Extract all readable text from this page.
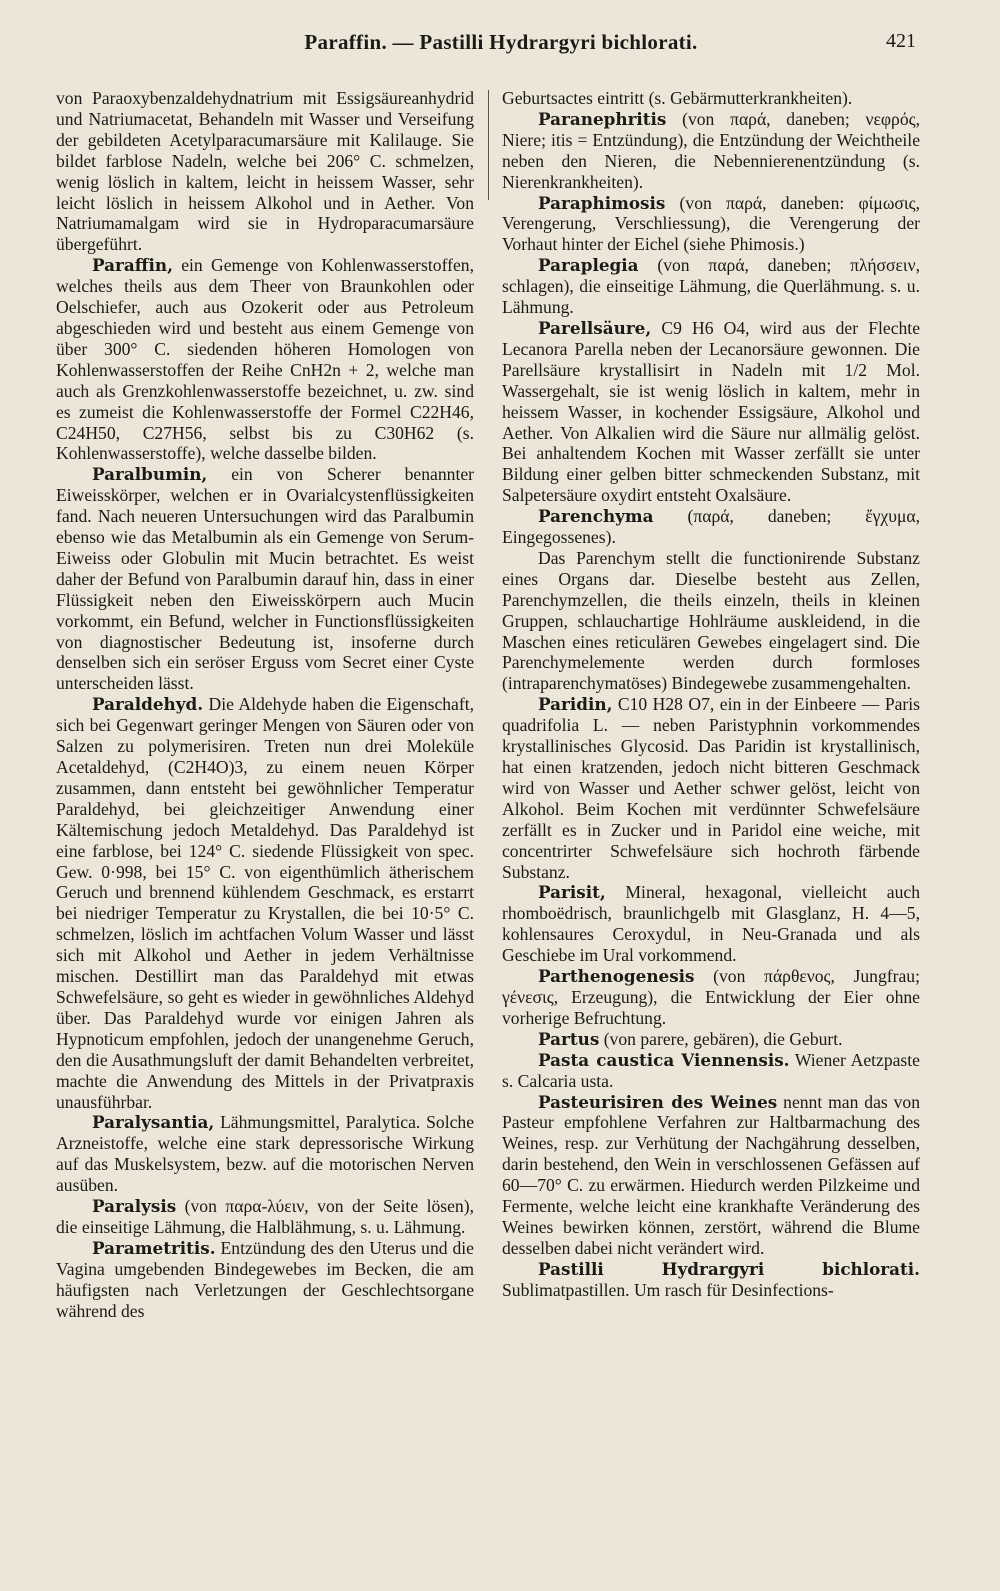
Paraffin. — Pastilli Hydrargyri bichlorati.	421

von Paraoxybenzaldehydnatrium mit Essigsäureanhydrid und Natriumacetat, Behandeln mit Wasser und Verseifung der gebildeten Acetylparacumarsäure mit Kalilauge. Sie bildet farblose Nadeln, welche bei 206° C. schmelzen, wenig löslich in kaltem, leicht in heissem Wasser, sehr leicht löslich in heissem Alkohol und in Aether. Von Natriumamalgam wird sie in Hydroparacumarsäure übergeführt.

Paraffin, ein Gemenge von Kohlenwasserstoffen, welches theils aus dem Theer von Braunkohlen oder Oelschiefer, auch aus Ozokerit oder aus Petroleum abgeschieden wird und besteht aus einem Gemenge von über 300° C. siedenden höheren Homologen von Kohlenwasserstoffen der Reihe CnH2n + 2, welche man auch als Grenzkohlenwasserstoffe bezeichnet, u. zw. sind es zumeist die Kohlenwasserstoffe der Formel C22H46, C24H50, C27H56, selbst bis zu C30H62 (s. Kohlenwasserstoffe), welche dasselbe bilden.

Paralbumin, ein von Scherer benannter Eiweisskörper, welchen er in Ovarialcystenflüssigkeiten fand. Nach neueren Untersuchungen wird das Paralbumin ebenso wie das Metalbumin als ein Gemenge von Serum-Eiweiss oder Globulin mit Mucin betrachtet. Es weist daher der Befund von Paralbumin darauf hin, dass in einer Flüssigkeit neben den Eiweisskörpern auch Mucin vorkommt, ein Befund, welcher in Functionsflüssigkeiten von diagnostischer Bedeutung ist, insoferne durch denselben sich ein seröser Erguss vom Secret einer Cyste unterscheiden lässt.

Paraldehyd. Die Aldehyde haben die Eigenschaft, sich bei Gegenwart geringer Mengen von Säuren oder von Salzen zu polymerisiren. Treten nun drei Moleküle Acetaldehyd, (C2H4O)3, zu einem neuen Körper zusammen, dann entsteht bei gewöhnlicher Temperatur Paraldehyd, bei gleichzeitiger Anwendung einer Kältemischung jedoch Metaldehyd. Das Paraldehyd ist eine farblose, bei 124° C. siedende Flüssigkeit von spec. Gew. 0·998, bei 15° C. von eigenthümlich ätherischem Geruch und brennend kühlendem Geschmack, es erstarrt bei niedriger Temperatur zu Krystallen, die bei 10·5° C. schmelzen, löslich im achtfachen Volum Wasser und lässt sich mit Alkohol und Aether in jedem Verhältnisse mischen. Destillirt man das Paraldehyd mit etwas Schwefelsäure, so geht es wieder in gewöhnliches Aldehyd über. Das Paraldehyd wurde vor einigen Jahren als Hypnoticum empfohlen, jedoch der unangenehme Geruch, den die Ausathmungsluft der damit Behandelten verbreitet, machte die Anwendung des Mittels in der Privatpraxis unausführbar.

Paralysantia, Lähmungsmittel, Paralytica. Solche Arzneistoffe, welche eine stark depressorische Wirkung auf das Muskelsystem, bezw. auf die motorischen Nerven ausüben.

Paralysis (von παρα-λύειν, von der Seite lösen), die einseitige Lähmung, die Halblähmung, s. u. Lähmung.

Parametritis. Entzündung des den Uterus und die Vagina umgebenden Bindegewebes im Becken, die am häufigsten nach Verletzungen der Geschlechtsorgane während des

Geburtsactes eintritt (s. Gebärmutterkrankheiten).

Paranephritis (von παρά, daneben; νεφρός, Niere; itis = Entzündung), die Entzündung der Weichtheile neben den Nieren, die Nebennierenentzündung (s. Nierenkrankheiten).

Paraphimosis (von παρά, daneben: φίμωσις, Verengerung, Verschliessung), die Verengerung der Vorhaut hinter der Eichel (siehe Phimosis.)

Paraplegia (von παρά, daneben; πλήσσειν, schlagen), die einseitige Lähmung, die Querlähmung. s. u. Lähmung.

Parellsäure, C9 H6 O4, wird aus der Flechte Lecanora Parella neben der Lecanorsäure gewonnen. Die Parellsäure krystallisirt in Nadeln mit 1/2 Mol. Wassergehalt, sie ist wenig löslich in kaltem, mehr in heissem Wasser, in kochender Essigsäure, Alkohol und Aether. Von Alkalien wird die Säure nur allmälig gelöst. Bei anhaltendem Kochen mit Wasser zerfällt sie unter Bildung einer gelben bitter schmeckenden Substanz, mit Salpetersäure oxydirt entsteht Oxalsäure.

Parenchyma (παρά, daneben; ἔγχυμα, Eingegossenes).

Das Parenchym stellt die functionirende Substanz eines Organs dar. Dieselbe besteht aus Zellen, Parenchymzellen, die theils einzeln, theils in kleinen Gruppen, schlauchartige Hohlräume auskleidend, in die Maschen eines reticulären Gewebes eingelagert sind. Die Parenchymelemente werden durch formloses (intraparenchymatöses) Bindegewebe zusammengehalten.

Paridin, C10 H28 O7, ein in der Einbeere — Paris quadrifolia L. — neben Paristyphnin vorkommendes krystallinisches Glycosid. Das Paridin ist krystallinisch, hat einen kratzenden, jedoch nicht bitteren Geschmack wird von Wasser und Aether schwer gelöst, leicht von Alkohol. Beim Kochen mit verdünnter Schwefelsäure zerfällt es in Zucker und in Paridol eine weiche, mit concentrirter Schwefelsäure sich hochroth färbende Substanz.

Parisit, Mineral, hexagonal, vielleicht auch rhomboëdrisch, braunlichgelb mit Glasglanz, H. 4—5, kohlensaures Ceroxydul, in Neu-Granada und als Geschiebe im Ural vorkommend.

Parthenogenesis (von πάρθενος, Jungfrau; γένεσις, Erzeugung), die Entwicklung der Eier ohne vorherige Befruchtung.

Partus (von parere, gebären), die Geburt.

Pasta caustica Viennensis. Wiener Aetzpaste s. Calcaria usta.

Pasteurisiren des Weines nennt man das von Pasteur empfohlene Verfahren zur Haltbarmachung des Weines, resp. zur Verhütung der Nachgährung desselben, darin bestehend, den Wein in verschlossenen Gefässen auf 60—70° C. zu erwärmen. Hiedurch werden Pilzkeime und Fermente, welche leicht eine krankhafte Veränderung des Weines bewirken können, zerstört, während die Blume desselben dabei nicht verändert wird.

Pastilli Hydrargyri bichlorati. Sublimatpastillen. Um rasch für Desinfections-
